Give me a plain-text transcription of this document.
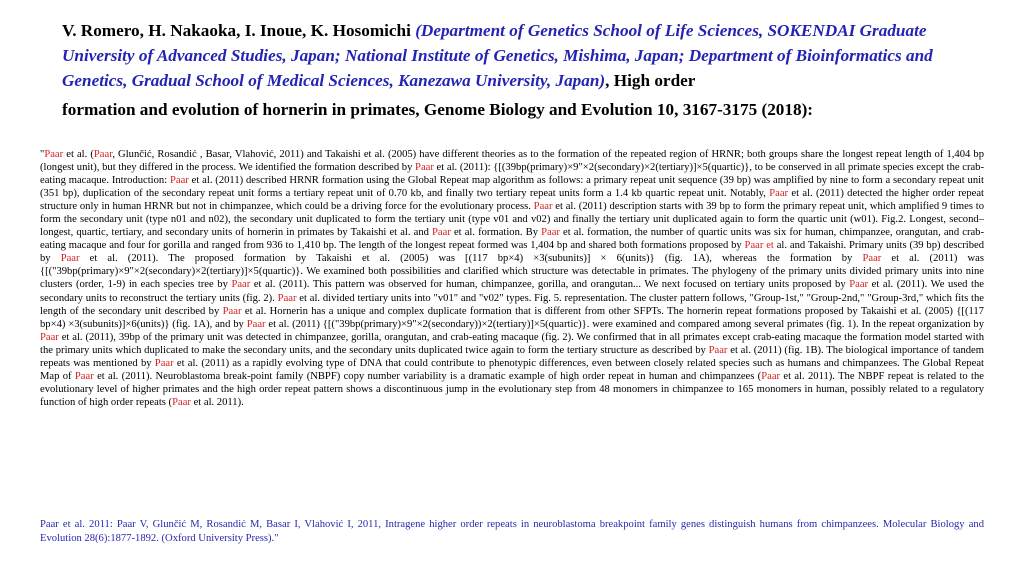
V. Romero, H. Nakaoka, I. Inoue, K. Hosomichi (Department of Genetics School of Life Sciences, SOKENDAI Graduate University of Advanced Studies, Japan; National Institute of Genetics, Mishima, Japan; Department of Bioinformatics and Genetics, Gradual School of Medical Sciences, Kanezawa University, Japan), High order
formation and evolution of hornerin in primates, Genome Biology and Evolution 10, 3167-3175 (2018):
"Paar et al. (Paar, Glunčić, Rosandić , Basar, Vlahović, 2011) and Takaishi et al. (2005) have different theories as to the formation of the repeated region of HRNR; both groups share the longest repeat length of 1,404 bp (longest unit), but they differed in the process. We identified the formation described by Paar et al. (2011): {[(39bp(primary)×9"×2(secondary)×2(tertiary)]×5(quartic)}, to be conserved in all primate species except the crab-eating macaque. Introduction: Paar et al. (2011) described HRNR formation using the Global Repeat map algorithm as follows: a primary repeat unit sequence (39 bp) was amplified by nine to form a secondary repeat unit (351 bp), duplication of the secondary repeat unit forms a tertiary repeat unit of 0.70 kb, and finally two tertiary repeat units form a 1.4 kb quartic repeat unit. Notably, Paar et al. (2011) detected the higher order repeat structure only in human HRNR but not in chimpanzee, which could be a driving force for the evolutionary process. Paar et al. (2011) description starts with 39 bp to form the primary repeat unit, which amplified 9 times to form the secondary unit (type n01 and n02), the secondary unit duplicated to form the tertiary unit (type v01 and v02) and finally the tertiary unit duplicated again to form the quartic unit (w01). Fig.2. Longest, second–longest, quartic, tertiary, and secondary units of hornerin in primates by Takaishi et al. and Paar et al. formation. By Paar et al. formation, the number of quartic units was six for human, chimpanzee, orangutan, and crab-eating macaque and four for gorilla and ranged from 936 to 1,410 bp. The length of the longest repeat formed was 1,404 bp and shared both formations proposed by Paar et al. and Takaishi. Primary units (39 bp) described by Paar et al. (2011). The proposed formation by Takaishi et al. (2005) was [(117 bp×4) ×3(subunits)] × 6(units)} (fig. 1A), whereas the formation by Paar et al. (2011) was {[("39bp(primary)×9"×2(secondary)×2(tertiary)]×5(quartic)}. We examined both possibilities and clarified which structure was detectable in primates. The phylogeny of the primary units divided primary units into nine clusters (order, 1-9) in each species tree by Paar et al. (2011). This pattern was observed for human, chimpanzee, gorilla, and orangutan... We next focused on tertiary units proposed by Paar et al. (2011). We used the secondary units to reconstruct the tertiary units (fig. 2). Paar et al. divided tertiary units into "v01" and "v02" types. Fig. 5. representation. The cluster pattern follows, "Group-1st," "Group-2nd," "Group-3rd," which fits the length of the secondary unit described by Paar et al. Hornerin has a unique and complex duplicate formation that is different from other SFPTs. The hornerin repeat formations proposed by Takaishi et al. (2005) {[(117 bp×4) ×3(subunits)]×6(units)} (fig. 1A), and by Paar et al. (2011) {[("39bp(primary)×9"×2(secondary))×2(tertiary)]×5(quartic)}. were examined and compared among several primates (fig. 1). In the repeat organization by Paar et al. (2011), 39bp of the primary unit was detected in chimpanzee, gorilla, orangutan, and crab-eating macaque (fig. 2). We confirmed that in all primates except crab-eating macaque the formation model started with the primary units which duplicated to make the secondary units, and the secondary units duplicated twice again to form the tertiary structure as described by Paar et al. (2011) (fig. 1B). The biological importance of tandem repeats was mentioned by Paar et al. (2011) as a rapidly evolving type of DNA that could contribute to phenotypic differences, even between closely related species such as humans and chimpanzees. The Global Repeat Map of Paar et al. (2011). Neuroblastoma break-point family (NBPF) copy number variability is a dramatic example of high order repeat in human and chimpanzees (Paar et al. 2011). The NBPF repeat is related to the evolutionary level of higher primates and the high order repeat pattern shows a discontinuous jump in the evolutionary step from 48 monomers in chimpanzee to 165 monomers in human, possibly related to a regulatory function of high order repeats (Paar et al. 2011).
Paar et al. 2011: Paar V, Glunčić M, Rosandić M, Basar I, Vlahović I, 2011, Intragene higher order repeats in neuroblastoma breakpoint family genes distinguish humans from chimpanzees. Molecular Biology and Evolution 28(6):1877-1892. (Oxford University Press)."
